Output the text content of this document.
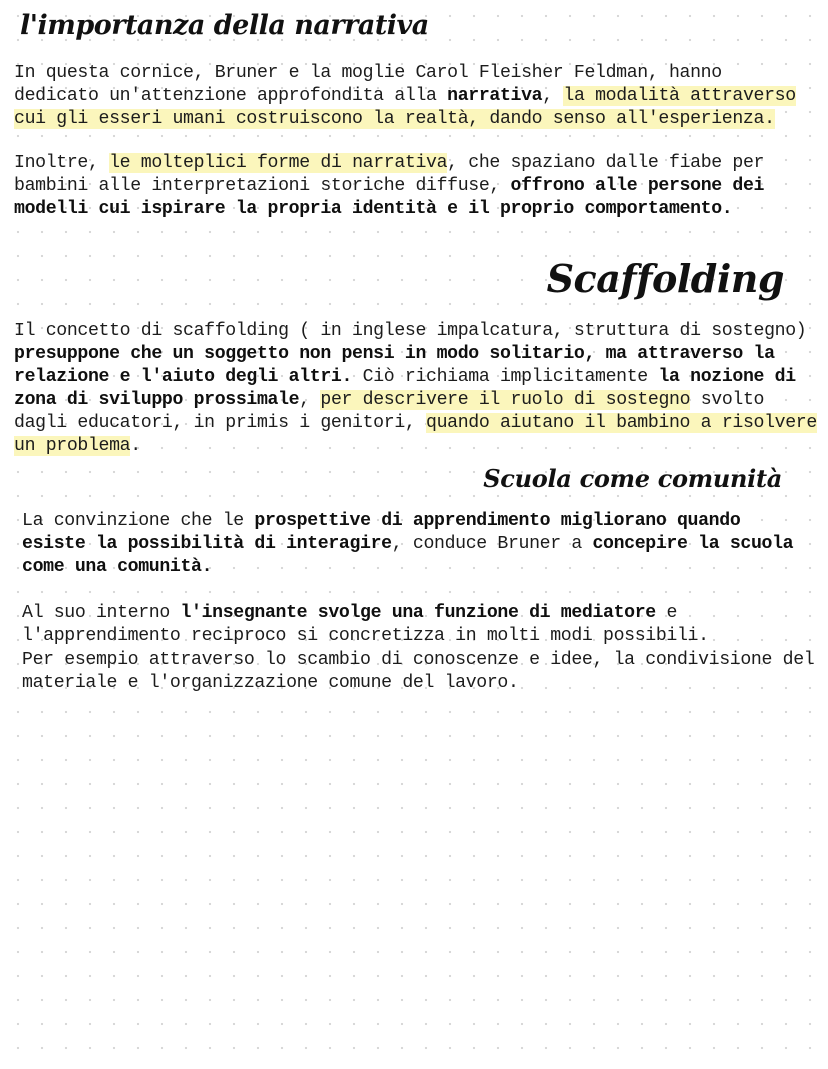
l'importanza della narrativa

In questa cornice, Bruner e la moglie Carol Fleisher Feldman, hanno dedicato un'attenzione approfondita alla narrativa, la modalità attraverso cui gli esseri umani costruiscono la realtà, dando senso all'esperienza.

Inoltre, le molteplici forme di narrativa, che spaziano dalle fiabe per bambini alle interpretazioni storiche diffuse, offrono alle persone dei modelli cui ispirare la propria identità e il proprio comportamento.

Scaffolding

Il concetto di scaffolding ( in inglese impalcatura, struttura di sostegno) presuppone che un soggetto non pensi in modo solitario, ma attraverso la relazione e l'aiuto degli altri. Ciò richiama implicitamente la nozione di zona di sviluppo prossimale, per descrivere il ruolo di sostegno svolto dagli educatori, in primis i genitori, quando aiutano il bambino a risolvere un problema.

Scuola come comunità

La convinzione che le prospettive di apprendimento migliorano quando esiste la possibilità di interagire, conduce Bruner a concepire la scuola come una comunità.

Al suo interno l'insegnante svolge una funzione di mediatore e l'apprendimento reciproco si concretizza in molti modi possibili.

Per esempio attraverso lo scambio di conoscenze e idee, la condivisione del materiale e l'organizzazione comune del lavoro.
